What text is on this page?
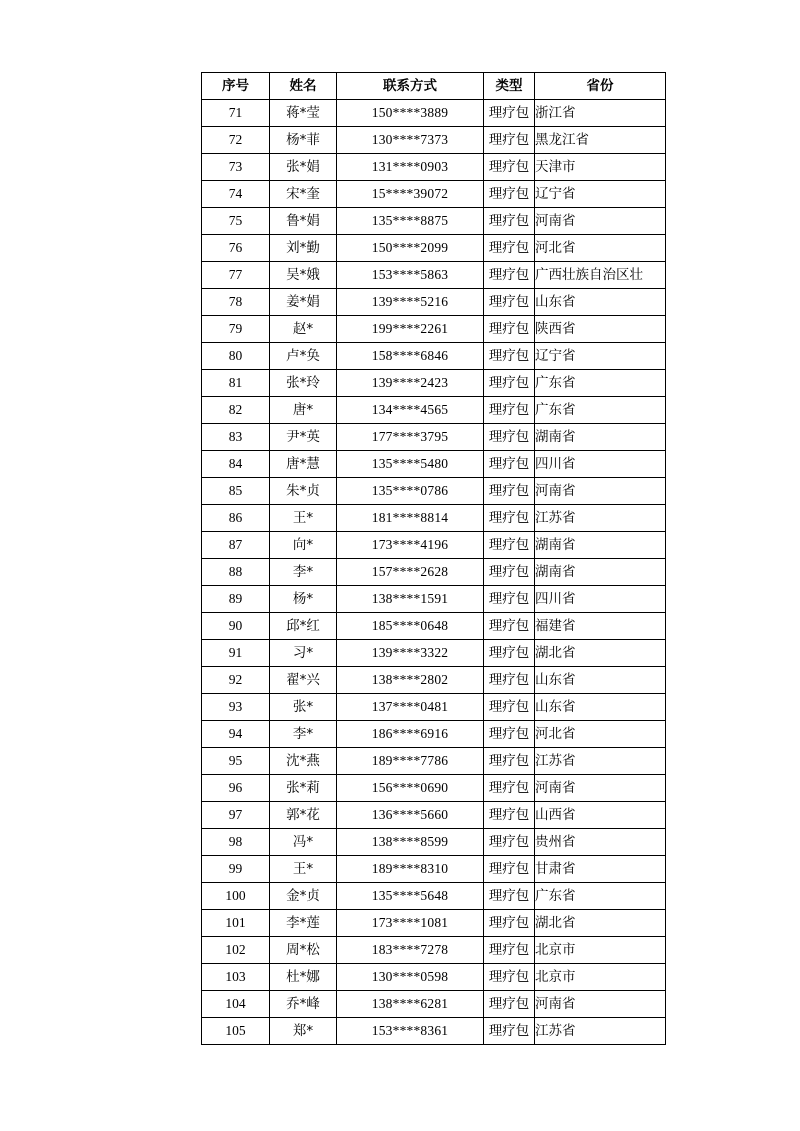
序号	姓名	联系方式	类型	省份
71	蒋*莹	150****3889	理疗包	浙江省
72	杨*菲	130****7373	理疗包	黑龙江省
73	张*娟	131****0903	理疗包	天津市
74	宋*奎	15****39072	理疗包	辽宁省
75	鲁*娟	135****8875	理疗包	河南省
76	刘*勤	150****2099	理疗包	河北省
77	吴*娥	153****5863	理疗包	广西壮族自治区壮
78	姜*娟	139****5216	理疗包	山东省
79	赵*	199****2261	理疗包	陕西省
80	卢*奂	158****6846	理疗包	辽宁省
81	张*玲	139****2423	理疗包	广东省
82	唐*	134****4565	理疗包	广东省
83	尹*英	177****3795	理疗包	湖南省
84	唐*慧	135****5480	理疗包	四川省
85	朱*贞	135****0786	理疗包	河南省
86	王*	181****8814	理疗包	江苏省
87	向*	173****4196	理疗包	湖南省
88	李*	157****2628	理疗包	湖南省
89	杨*	138****1591	理疗包	四川省
90	邱*红	185****0648	理疗包	福建省
91	习*	139****3322	理疗包	湖北省
92	翟*兴	138****2802	理疗包	山东省
93	张*	137****0481	理疗包	山东省
94	李*	186****6916	理疗包	河北省
95	沈*燕	189****7786	理疗包	江苏省
96	张*莉	156****0690	理疗包	河南省
97	郭*花	136****5660	理疗包	山西省
98	冯*	138****8599	理疗包	贵州省
99	王*	189****8310	理疗包	甘肃省
100	金*贞	135****5648	理疗包	广东省
101	李*莲	173****1081	理疗包	湖北省
102	周*松	183****7278	理疗包	北京市
103	杜*娜	130****0598	理疗包	北京市
104	乔*峰	138****6281	理疗包	河南省
105	郑*	153****8361	理疗包	江苏省
